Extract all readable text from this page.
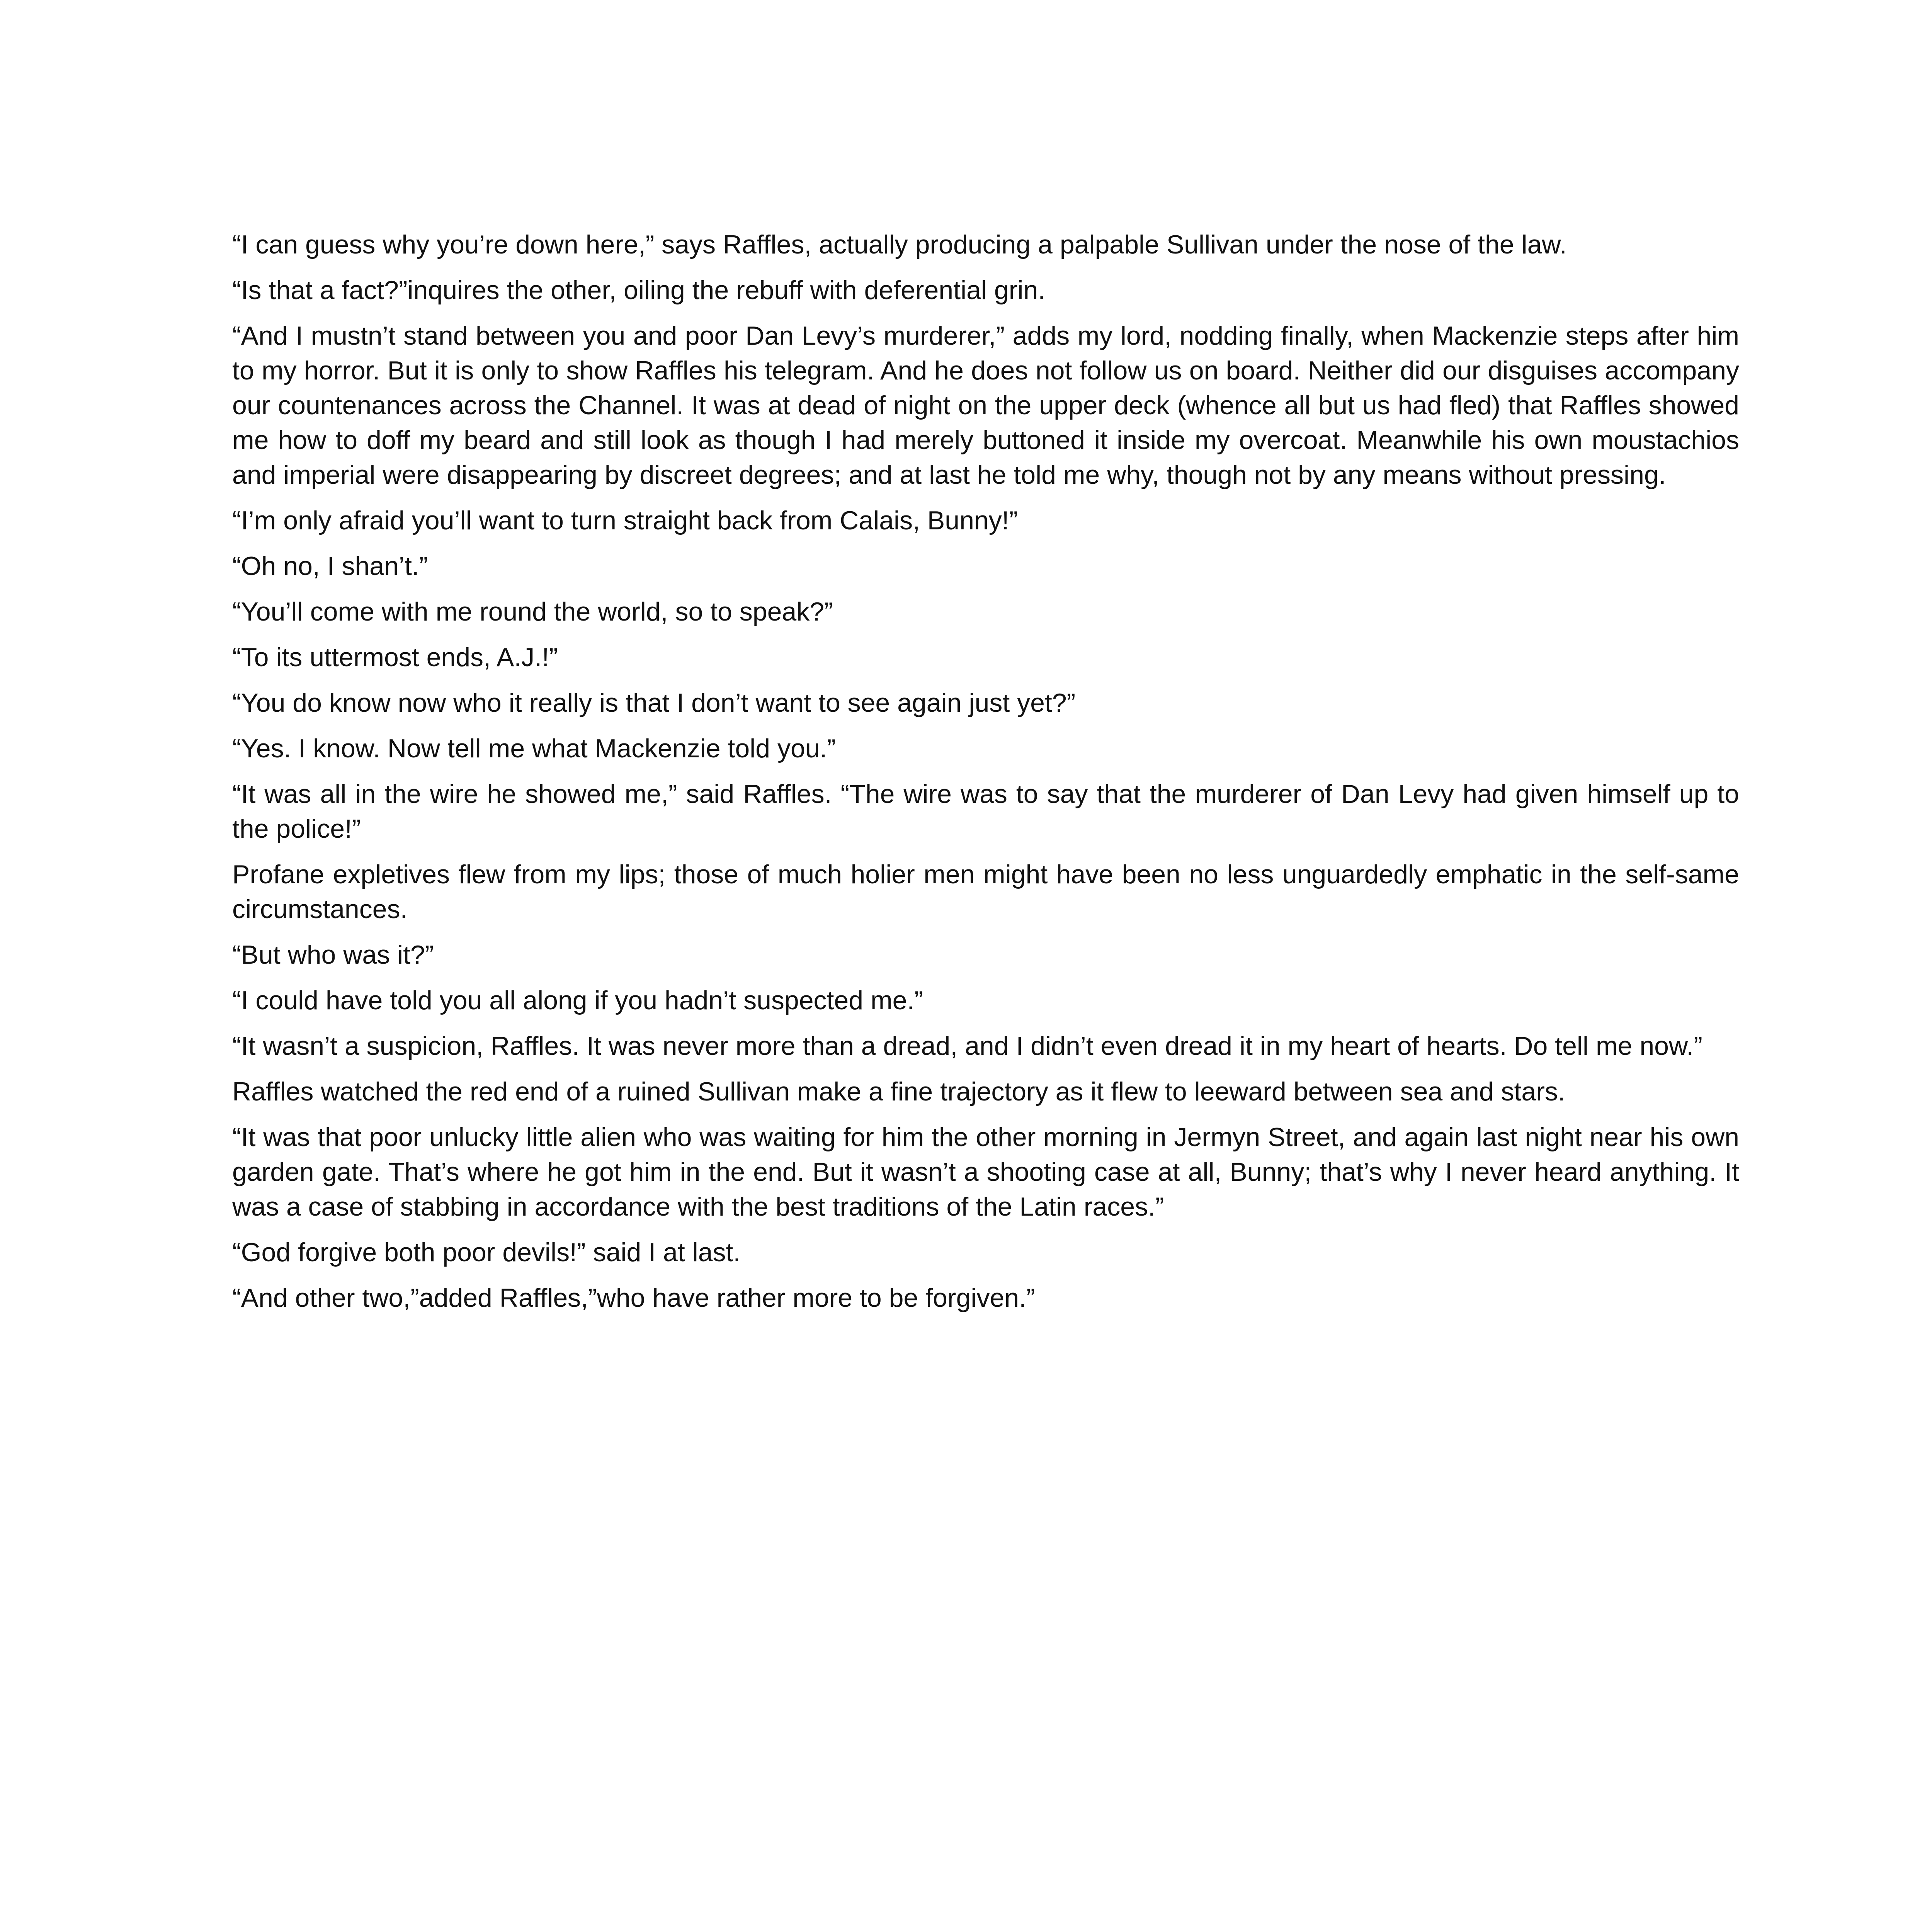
“I can guess why you’re down here,” says Raffles, actually producing a palpable Sullivan under the nose of the law.

“Is that a fact?”inquires the other, oiling the rebuff with deferential grin.

“And I mustn’t stand between you and poor Dan Levy’s murderer,” adds my lord, nodding finally, when Mackenzie steps after him to my horror. But it is only to show Raffles his telegram. And he does not follow us on board. Neither did our disguises accompany our countenances across the Channel. It was at dead of night on the upper deck (whence all but us had fled) that Raffles showed me how to doff my beard and still look as though I had merely buttoned it inside my overcoat. Meanwhile his own moustachios and imperial were disappearing by discreet degrees; and at last he told me why, though not by any means without pressing.

“I’m only afraid you’ll want to turn straight back from Calais, Bunny!”

“Oh no, I shan’t.”

“You’ll come with me round the world, so to speak?”

“To its uttermost ends, A.J.!”

“You do know now who it really is that I don’t want to see again just yet?”

“Yes. I know. Now tell me what Mackenzie told you.”

“It was all in the wire he showed me,” said Raffles. “The wire was to say that the murderer of Dan Levy had given himself up to the police!”

Profane expletives flew from my lips; those of much holier men might have been no less unguardedly emphatic in the self-same circumstances.

“But who was it?”

“I could have told you all along if you hadn’t suspected me.”

“It wasn’t a suspicion, Raffles. It was never more than a dread, and I didn’t even dread it in my heart of hearts. Do tell me now.”

Raffles watched the red end of a ruined Sullivan make a fine trajectory as it flew to leeward between sea and stars.

“It was that poor unlucky little alien who was waiting for him the other morning in Jermyn Street, and again last night near his own garden gate. That’s where he got him in the end. But it wasn’t a shooting case at all, Bunny; that’s why I never heard anything. It was a case of stabbing in accordance with the best traditions of the Latin races.”

“God forgive both poor devils!” said I at last.

“And other two,”added Raffles,”who have rather more to be forgiven.”
